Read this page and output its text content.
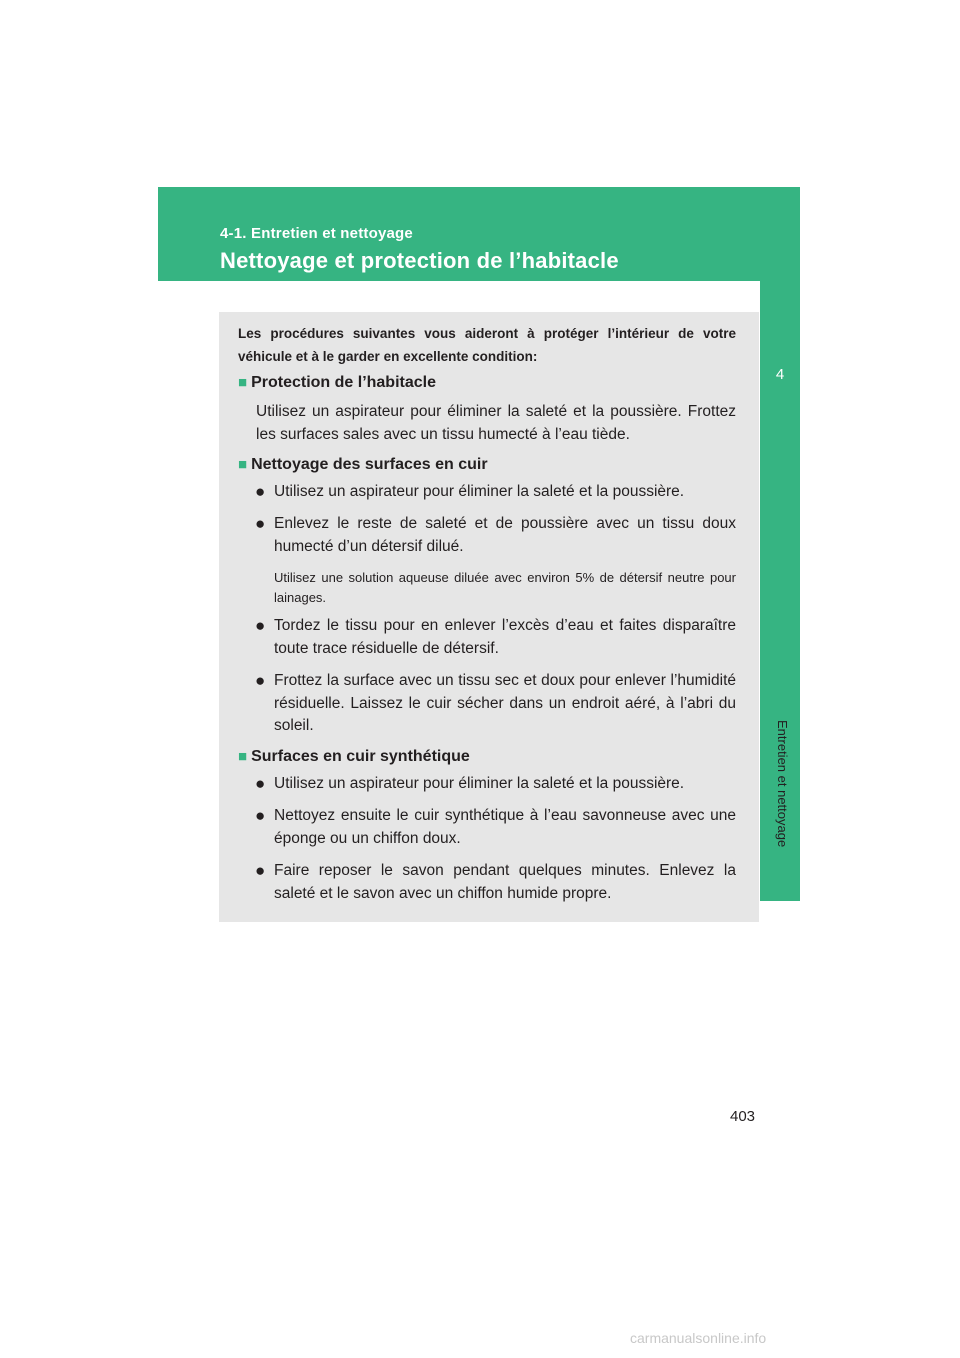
4-1. Entretien et nettoyage
Nettoyage et protection de l’habitacle
4
Entretien et nettoyage
Les procédures suivantes vous aideront à protéger l’intérieur de votre véhicule et à le garder en excellente condition:
■ Protection de l’habitacle
Utilisez un aspirateur pour éliminer la saleté et la poussière. Frottez les surfaces sales avec un tissu humecté à l’eau tiède.
■ Nettoyage des surfaces en cuir
● Utilisez un aspirateur pour éliminer la saleté et la poussière.
● Enlevez le reste de saleté et de poussière avec un tissu doux humecté d’un détersif dilué.
Utilisez une solution aqueuse diluée avec environ 5% de détersif neutre pour lainages.
● Tordez le tissu pour en enlever l’excès d’eau et faites disparaître toute trace résiduelle de détersif.
● Frottez la surface avec un tissu sec et doux pour enlever l’humidité résiduelle. Laissez le cuir sécher dans un endroit aéré, à l’abri du soleil.
■ Surfaces en cuir synthétique
● Utilisez un aspirateur pour éliminer la saleté et la poussière.
● Nettoyez ensuite le cuir synthétique à l’eau savonneuse avec une éponge ou un chiffon doux.
● Faire reposer le savon pendant quelques minutes. Enlevez la saleté et le savon avec un chiffon humide propre.
403
carmanualsonline.info
